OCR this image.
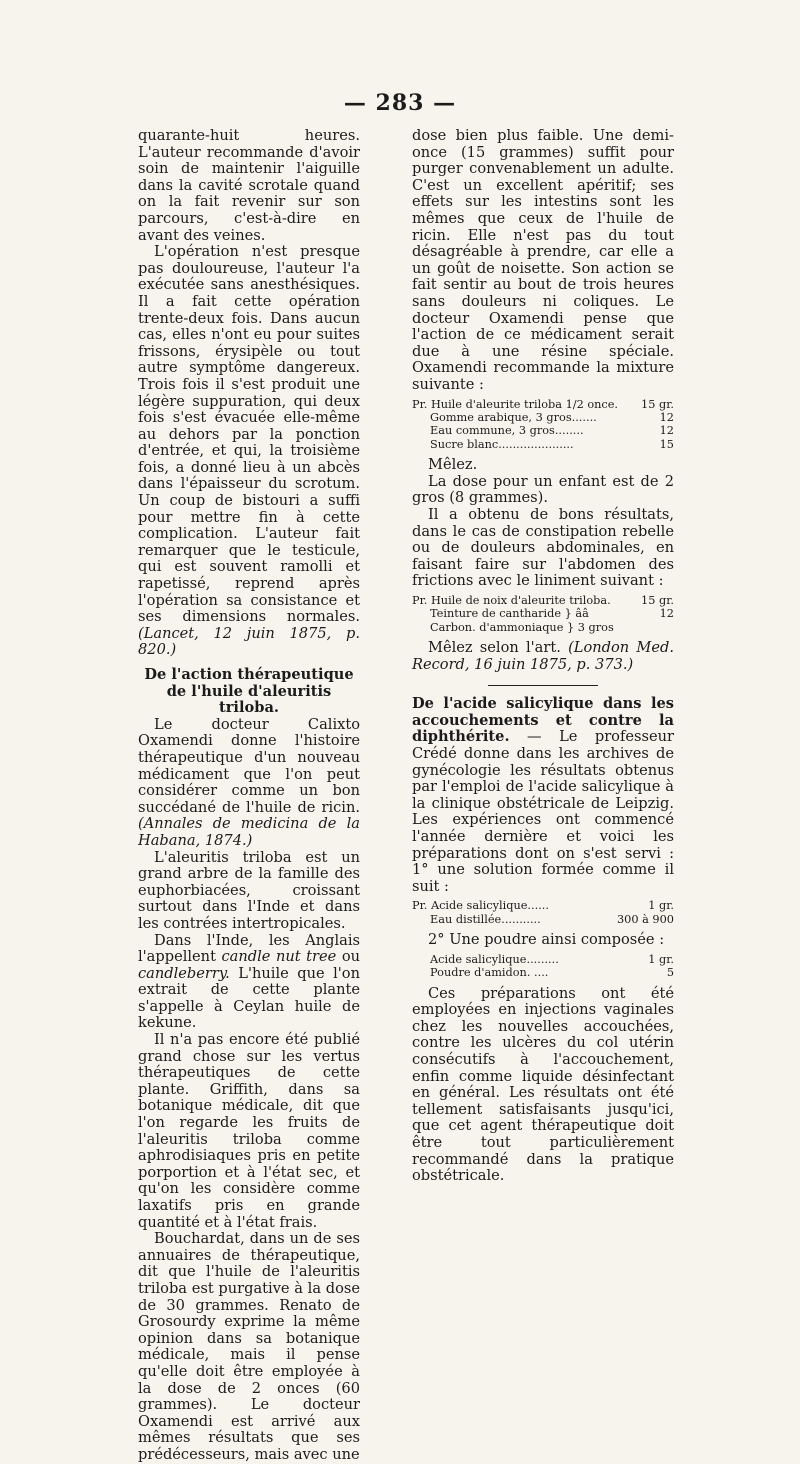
— 283 —

quarante-huit heures. L'auteur recommande d'avoir soin de maintenir l'aiguille dans la cavité scrotale quand on la fait revenir sur son parcours, c'est-à-dire en avant des veines.

L'opération n'est presque pas douloureuse, l'auteur l'a exécutée sans anesthésiques. Il a fait cette opération trente-deux fois. Dans aucun cas, elles n'ont eu pour suites frissons, érysipèle ou tout autre symptôme dangereux. Trois fois il s'est produit une légère suppuration, qui deux fois s'est évacuée elle-même au dehors par la ponction d'entrée, et qui, la troisième fois, a donné lieu à un abcès dans l'épaisseur du scrotum. Un coup de bistouri a suffi pour mettre fin à cette complication. L'auteur fait remarquer que le testicule, qui est souvent ramolli et rapetissé, reprend après l'opération sa consistance et ses dimensions normales. (Lancet, 12 juin 1875, p. 820.)

De l'action thérapeutique de l'huile d'aleuritis triloba.

Le docteur Calixto Oxamendi donne l'histoire thérapeutique d'un nouveau médicament que l'on peut considérer comme un bon succédané de l'huile de ricin. (Annales de medicina de la Habana, 1874.)

L'aleuritis triloba est un grand arbre de la famille des euphorbiacées, croissant surtout dans l'Inde et dans les contrées intertropicales.

Dans l'Inde, les Anglais l'appellent candle nut tree ou candleberry. L'huile que l'on extrait de cette plante s'appelle à Ceylan huile de kekune.

Il n'a pas encore été publié grand chose sur les vertus thérapeutiques de cette plante. Griffith, dans sa botanique médicale, dit que l'on regarde les fruits de l'aleuritis triloba comme aphrodisiaques pris en petite porportion et à l'état sec, et qu'on les considère comme laxatifs pris en grande quantité et à l'état frais.

Bouchardat, dans un de ses annuaires de thérapeutique, dit que l'huile de l'aleuritis triloba est purgative à la dose de 30 grammes. Renato de Grosourdy exprime la même opinion dans sa botanique médicale, mais il pense qu'elle doit être employée à la dose de 2 onces (60 grammes). Le docteur Oxamendi est arrivé aux mêmes résultats que ses prédécesseurs, mais avec une

dose bien plus faible. Une demi-once (15 grammes) suffit pour purger convenablement un adulte. C'est un excellent apéritif; ses effets sur les intestins sont les mêmes que ceux de l'huile de ricin. Elle n'est pas du tout désagréable à prendre, car elle a un goût de noisette. Son action se fait sentir au bout de trois heures sans douleurs ni coliques. Le docteur Oxamendi pense que l'action de ce médicament serait due à une résine spéciale. Oxamendi recommande la mixture suivante :

Pr. Huile d'aleurite triloba 1/2 once.	15 gr.
Gomme arabique, 3 gros.......	12
Eau commune, 3 gros........	12
Sucre blanc.....................	15

Mêlez.

La dose pour un enfant est de 2 gros (8 grammes).

Il a obtenu de bons résultats, dans le cas de constipation rebelle ou de douleurs abdominales, en faisant faire sur l'abdomen des frictions avec le liniment suivant :

Pr. Huile de noix d'aleurite triloba.	15 gr.
Teinture de cantharide } ââ	12
Carbon. d'ammoniaque } 3 gros

Mêlez selon l'art. (London Med. Record, 16 juin 1875, p. 373.)

De l'acide salicylique dans les accouchements et contre la diphthérite. — Le professeur Crédé donne dans les archives de gynécologie les résultats obtenus par l'emploi de l'acide salicylique à la clinique obstétricale de Leipzig. Les expériences ont commencé l'année dernière et voici les préparations dont on s'est servi : 1° une solution formée comme il suit :

Pr. Acide salicylique......	1 gr.
Eau distillée...........	300 à 900

2° Une poudre ainsi composée :

Acide salicylique.........	1 gr.
Poudre d'amidon. ....	5

Ces préparations ont été employées en injections vaginales chez les nouvelles accouchées, contre les ulcères du col utérin consécutifs à l'accouchement, enfin comme liquide désinfectant en général. Les résultats ont été tellement satisfaisants jusqu'ici, que cet agent thérapeutique doit être tout particulièrement recommandé dans la pratique obstétricale.
